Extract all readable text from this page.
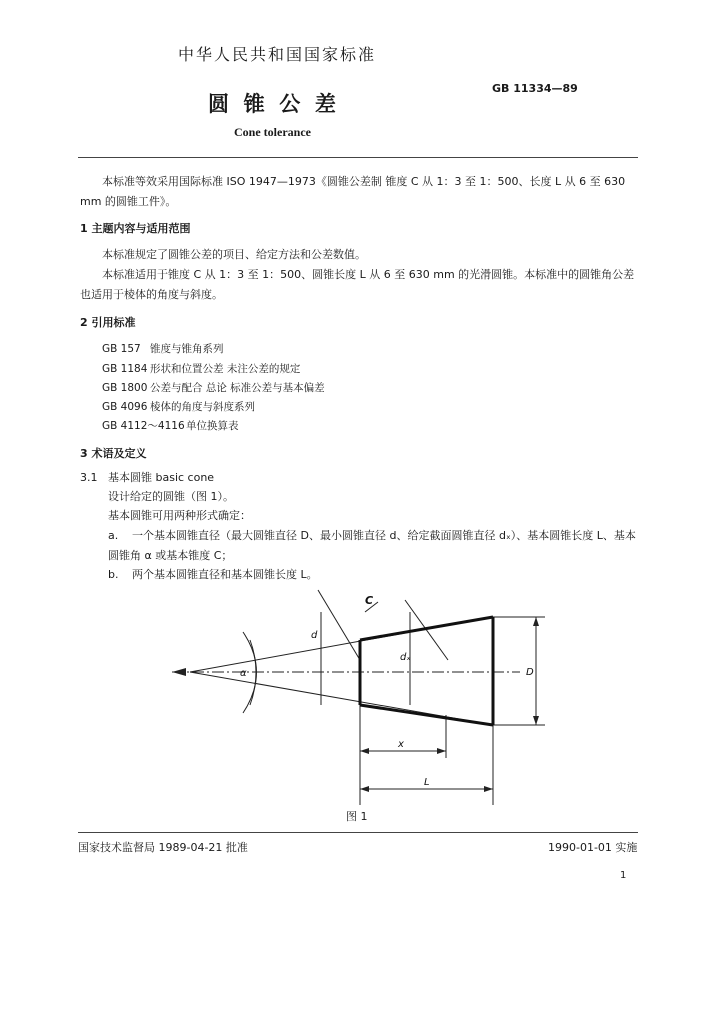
中华人民共和国国家标准
GB 11334—89
圆  锥  公  差
Cone tolerance
本标准等效采用国际标准 ISO 1947—1973《圆锥公差制 锥度 C 从 1：3 至 1：500、长度 L 从 6 至 630 mm 的圆锥工件》。
1 主题内容与适用范围
本标准规定了圆锥公差的项目、给定方法和公差数值。
本标准适用于锥度 C 从 1：3 至 1：500、圆锥长度 L 从 6 至 630 mm 的光滑圆锥。本标准中的圆锥角公差也适用于棱体的角度与斜度。
2 引用标准
GB 157 锥度与锥角系列
GB 1184 形状和位置公差 未注公差的规定
GB 1800 公差与配合 总论 标准公差与基本偏差
GB 4096 棱体的角度与斜度系列
GB 4112～4116单位换算表
3 术语及定义
3.1 基本圆锥 basic cone
设计给定的圆锥（图 1）。
基本圆锥可用两种形式确定：
a.	一个基本圆锥直径（最大圆锥直径 D、最小圆锥直径 d、给定截面圆锥直径 dₓ）、基本圆锥长度 L、基本圆锥角 α 或基本锥度 C；
b. 两个基本圆锥直径和基本圆锥长度 L。
C
d
dₓ
D
α
x
L
图 1
国家技术监督局 1989-04-21 批准	1990-01-01 实施
1
